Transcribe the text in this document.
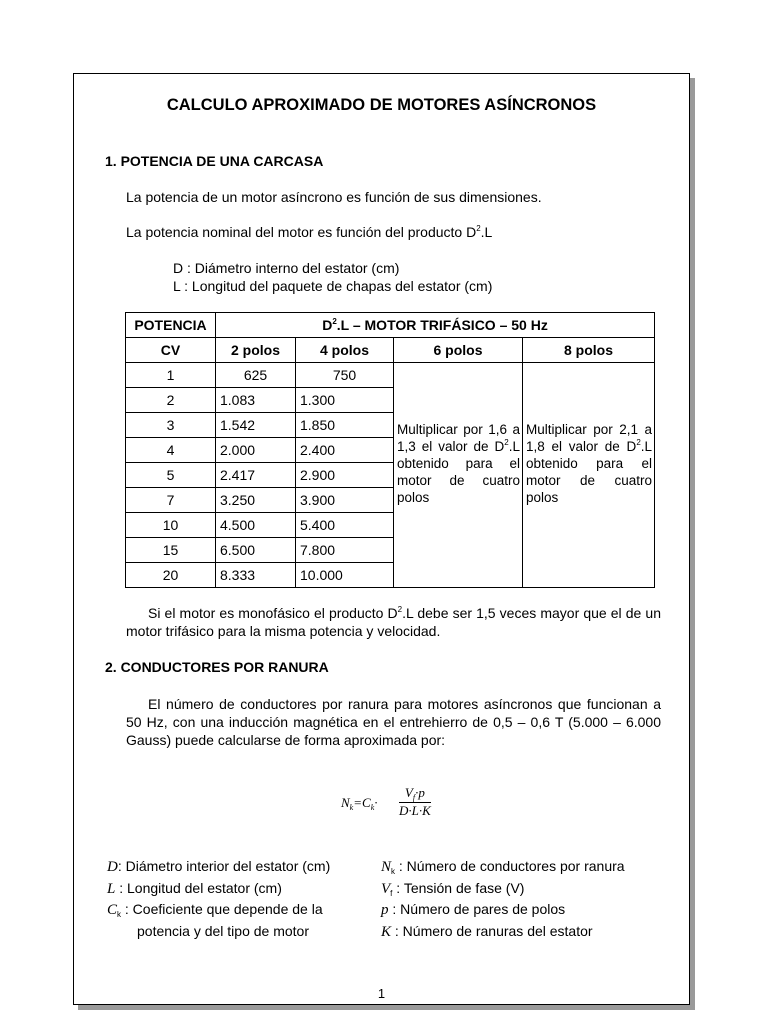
CALCULO APROXIMADO DE MOTORES ASÍNCRONOS
1. POTENCIA DE UNA CARCASA
La potencia de un motor asíncrono es función de sus dimensiones.
La potencia nominal del motor es función del producto $D^2.L$
D : Diámetro interno del estator (cm)
L : Longitud del paquete de chapas del estator (cm)
POTENCIA	$D^2.L$ – MOTOR TRIFÁSICO – 50 Hz			
CV	2 polos	4 polos	6 polos	8 polos
1	625	750	Multiplicar por 1,6 a 1,3 el valor de $D^2.L$ obtenido para el motor de cuatro polos	Multiplicar por 2,1 a 1,8 el valor de $D^2.L$ obtenido para el motor de cuatro polos
2	1.083	1.300		
3	1.542	1.850		
4	2.000	2.400		
5	2.417	2.900		
7	3.250	3.900		
10	4.500	5.400		
15	6.500	7.800		
20	8.333	10.000		
Si el motor es monofásico el producto $D^2.L$ debe ser 1,5 veces mayor que el de un motor trifásico para la misma potencia y velocidad.
2. CONDUCTORES POR RANURA
El número de conductores por ranura para motores asíncronos que funcionan a 50 Hz, con una inducción magnética en el entrehierro de 0,5 – 0,6 T (5.000 – 6.000 Gauss) puede calcularse de forma aproximada por:
$N_k=C_k\cdot \frac{V_f\cdot p}{D\cdot L\cdot K}$
D: Diámetro interior del estator (cm)
L : Longitud del estator (cm)
$C_k$ : Coeficiente que depende de la
potencia y del tipo de motor
$N_k$ : Número de conductores por ranura
$V_f$ : Tensión de fase (V)
p : Número de pares de polos
K : Número de ranuras del estator
1
